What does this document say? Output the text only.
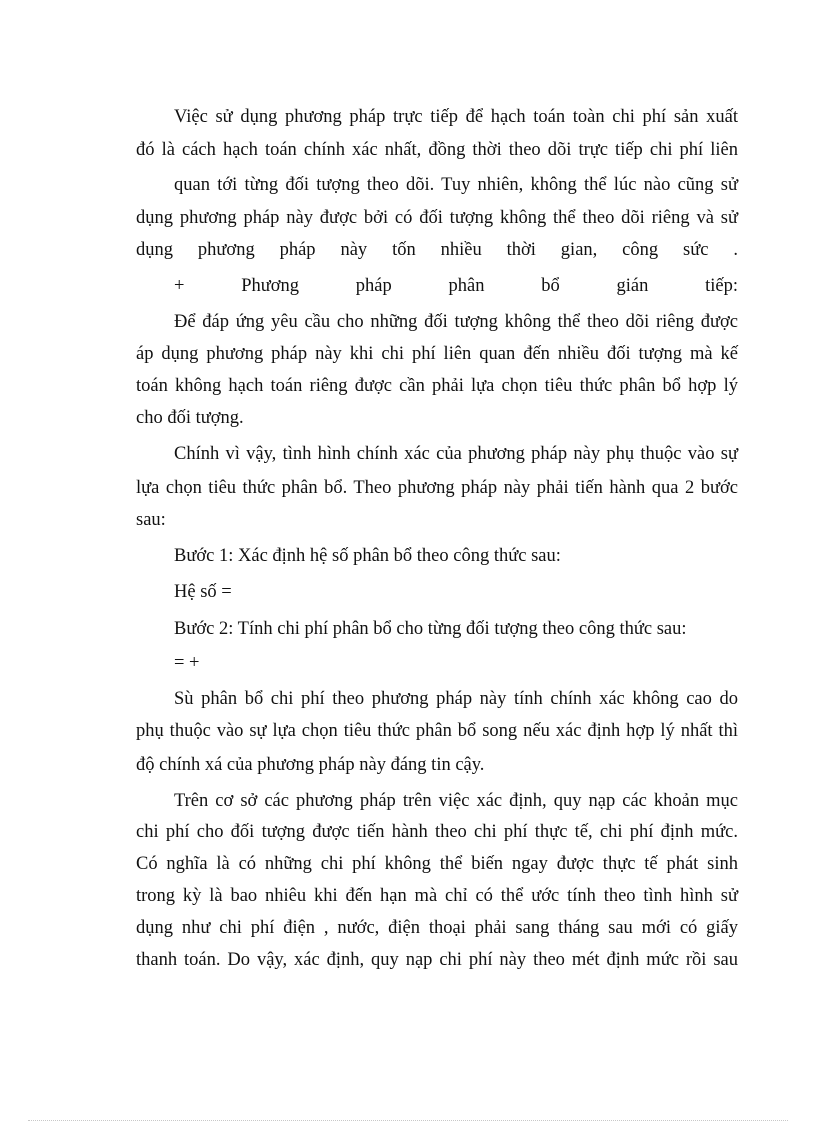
Việc sử dụng phương pháp trực tiếp để hạch toán toàn chi phí sản xuất
đó là cách hạch toán chính xác nhất, đồng thời theo dõi trực tiếp chi phí liên
quan tới từng đối tượng theo dõi. Tuy nhiên, không thể lúc nào cũng sử
dụng phương pháp này được bởi có đối tượng không thể theo dõi riêng và sử
dụng phương pháp này tốn nhiều thời gian, công sức .
+ Phương pháp phân bổ gián tiếp:
Để đáp ứng yêu cầu cho những đối tượng không thể theo dõi riêng được
áp dụng phương pháp này khi chi phí liên quan đến nhiều đối tượng mà kế
toán không hạch toán riêng được cần phải lựa chọn tiêu thức phân bổ hợp lý
cho đối tượng.
Chính vì vậy, tình hình chính xác của phương pháp này phụ thuộc vào sự
lựa chọn tiêu thức phân bổ. Theo phương pháp này phải tiến hành qua 2 bước
sau:
Bước 1: Xác định hệ số phân bổ theo công thức sau:
Hệ số =
Bước 2: Tính chi phí phân bổ cho từng đối tượng theo công thức sau:
= +
Sù phân bổ chi phí theo phương pháp này tính chính xác không cao do
phụ thuộc vào sự lựa chọn tiêu thức phân bổ song nếu xác định hợp lý nhất thì
độ chính xá của phương pháp này đáng tin cậy.
Trên cơ sở các phương pháp trên việc xác định, quy nạp các khoản mục
chi phí cho đối tượng được tiến hành theo chi phí thực tế, chi phí định mức.
Có nghĩa là có những chi phí không thể biến ngay được thực tế phát sinh
trong kỳ là bao nhiêu khi đến hạn mà chỉ có thể ước tính theo tình hình sử
dụng như chi phí điện , nước, điện thoại phải sang tháng sau mới có giấy
thanh toán. Do vậy, xác định, quy nạp chi phí này theo mét định mức rồi sau
